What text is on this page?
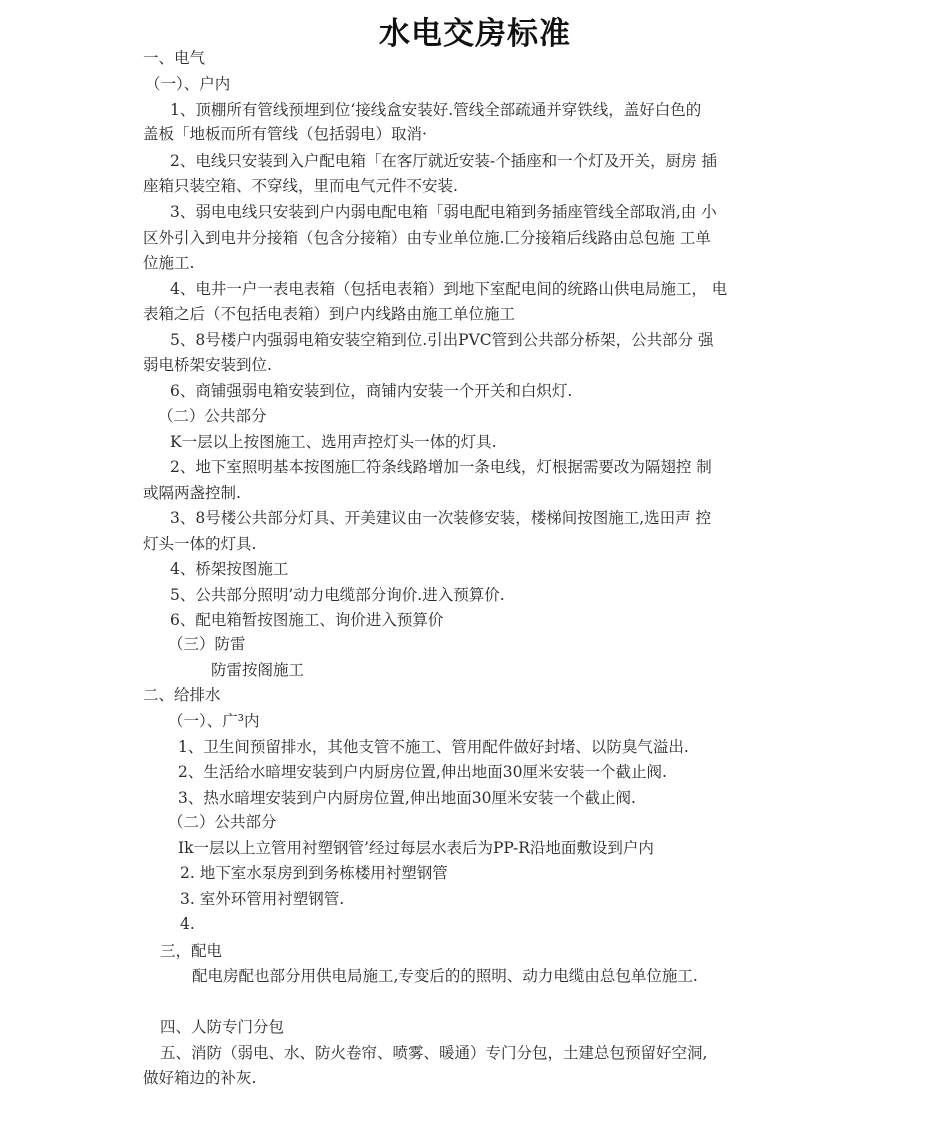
水电交房标准
一、电气
（一）、户内
1、顶棚所有管线预埋到位‘接线盒安装好.管线全部疏通并穿铁线，盖好白色的
盖板「地板而所有管线（包括弱电）取消·
2、电线只安装到入户配电箱「在客厅就近安装-个插座和一个灯及开关，厨房 插
座箱只装空箱、不穿线，里而电气元件不安装.
3、弱电电线只安装到户内弱电配电箱「弱电配电箱到务插座管线全部取消,由 小
区外引入到电井分接箱（包含分接箱）由专业单位施.匚分接箱后线路由总包施 工单
位施工.
4、电井一户一表电表箱（包括电表箱）到地下室配电间的统路山供电局施工， 电
表箱之后（不包括电表箱）到户内线路由施工单位施工
5、8号楼户内强弱电箱安装空箱到位.引出PVC管到公共部分桥架，公共部分 强
弱电桥架安装到位.
6、商铺强弱电箱安装到位，商铺内安装一个开关和白炽灯.
（二）公共部分
K一层以上按图施工、选用声控灯头一体的灯具.
2、地下室照明基本按图施匚符条线路增加一条电线，灯根据需要改为隔翅控 制
或隔两盏控制.
3、8号楼公共部分灯具、开美建议由一次装修安装，楼梯间按图施工,选田声 控
灯头一体的灯具.
4、桥架按图施工
5、公共部分照明’动力电缆部分询价.进入预算价.
6、配电箱暂按图施工、询价进入预算价
（三）防雷
防雷按阁施工
二、给排水
（一）、广³内
1、卫生间预留排水，其他支管不施工、管用配件做好封堵、以防臭气溢出.
2、生活给水暗埋安装到户内厨房位置,伸出地面30厘米安装一个截止阀.
3、热水暗埋安装到户内厨房位置,伸出地面30厘米安装一个截止阀.
（二）公共部分
Ik一层以上立管用衬塑钢管’经过每层水表后为PP-R沿地面敷设到户内
2. 地下室水泵房到到务栋楼用衬塑钢管
3. 室外环管用衬塑钢管.
4.
三，配电
配电房配也部分用供电局施工,专变后的的照明、动力电缆由总包单位施工.
四、人防专门分包
五、消防（弱电、水、防火卷帘、喷雾、暖通）专门分包，土建总包预留好空洞,
做好箱边的补灰.
